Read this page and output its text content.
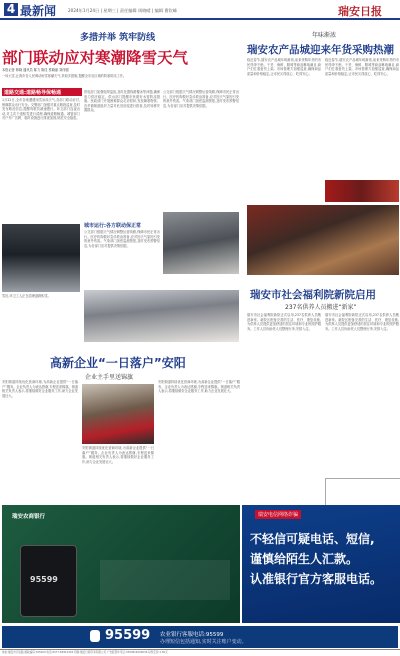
4 最新闻	2024年1月24日 | 星期三 | 责任编辑 周晓晴 | 编辑 曹钦峰	瑞安日报
多措并举 筑牢防线
部门联动应对寒潮降雪天气
本报记者 林晓 通讯员 陈力 陈佳 蔡晓丽 刘伟强
一场大雪,让我市各人民调动雨雪寒潮天气,采取多措施,提醒全市各区域的防寒防冻工作。
道路交通:道路畅导保畅通
1月22日,全市各地遭遇雨雪冰冻天气,各部门联动应对,保障群众出行安全。交警部门加强对重点路段巡查,及时发布路况信息,提醒驾驶员减速慢行。环卫部门连夜出动,对主次干道积雪进行清理,确保道路畅通。城管部门对户外广告牌、临时设施进行排查加固,防范安全隐患。
供电部门加强电网巡视,及时处置线路覆冰等问题,确保电力供应稳定。供水部门提醒市民做好水管防冻措施。民政部门开展困难群众走访慰问,发放御寒物资。各乡镇街道组织力量对危旧房屋进行排查,及时转移安置群众。
公交部门根据天气情况调整运营线路,保障市民正常出行。医疗机构做好急诊救治准备,应对因天气原因引发的意外伤害。气象部门加密监测预报,及时发布预警信息,为各部门应对提供决策依据。
城市运行:各方联动保正常
公交部门根据天气情况调整运营线路,保障市民正常出行。医疗机构做好急诊救治准备,应对因天气原因引发的意外伤害。气象部门加密监测预报,及时发布预警信息,为各部门应对提供决策依据。
雪后,环卫工人正在清理道路积雪。
年味渐浓
瑞安农产品城迎来年货采购热潮
临近春节,瑞安农产品城年味渐浓,前来采购年货的市民络绎不绝。干货、海鲜、腊味等商品琳琅满目,商户们忙着备货上架。市场管理方加强巡查,确保商品质量和价格稳定,让市民买得放心、吃得安心。
临近春节,瑞安农产品城年味渐浓,前来采购年货的市民络绎不绝。干货、海鲜、腊味等商品琳琅满目,商户们忙着备货上架。市场管理方加强巡查,确保商品质量和价格稳定,让市民买得放心、吃得安心。
瑞安市社会福利院新院启用
237名供养人员搬进“新家”
瑞安市社会福利院新院正式启用,237名供养人员搬进新家。新院区配备完善的生活、医疗、康复设施,为供养人员提供更加舒适的居住环境和专业的照护服务。工作人员协助老人们整理行李,安排入住。
瑞安市社会福利院新院正式启用,237名供养人员搬进新家。新院区配备完善的生活、医疗、康复设施,为供养人员提供更加舒适的居住环境和专业的照护服务。工作人员协助老人们整理行李,安排入住。
高新企业“一日落户”安阳
企业主手里送锦旗
安阳街道持续优化营商环境,为高新企业提供“一日落户”服务。企业负责人为表达感谢,专程送来锦旗。街道相关负责人表示,将继续做好企业服务工作,助力企业发展壮大。
安阳街道持续优化营商环境,为高新企业提供“一日落户”服务。企业负责人为表达感谢,专程送来锦旗。街道相关负责人表示,将继续做好企业服务工作,助力企业发展壮大。
安阳街道持续优化营商环境,为高新企业提供“一日落户”服务。企业负责人为表达感谢,专程送来锦旗。街道相关负责人表示,将继续做好企业服务工作,助力企业发展壮大。
瑞安农商银行
95599
瑞安电信网络诈骗
不轻信可疑电话、短信,
谨慎给陌生人汇款。
认准银行官方客服电话。
95599 农业银行客服电话:95599
办理短信包括通知,实时关注账户变动。
地址:瑞安市万松路 邮政编码:325200 电话:0577-65812345 印刷:瑞安日报印务有限公司 广告经营许可证:3303814000036 每份定价:1.50元
